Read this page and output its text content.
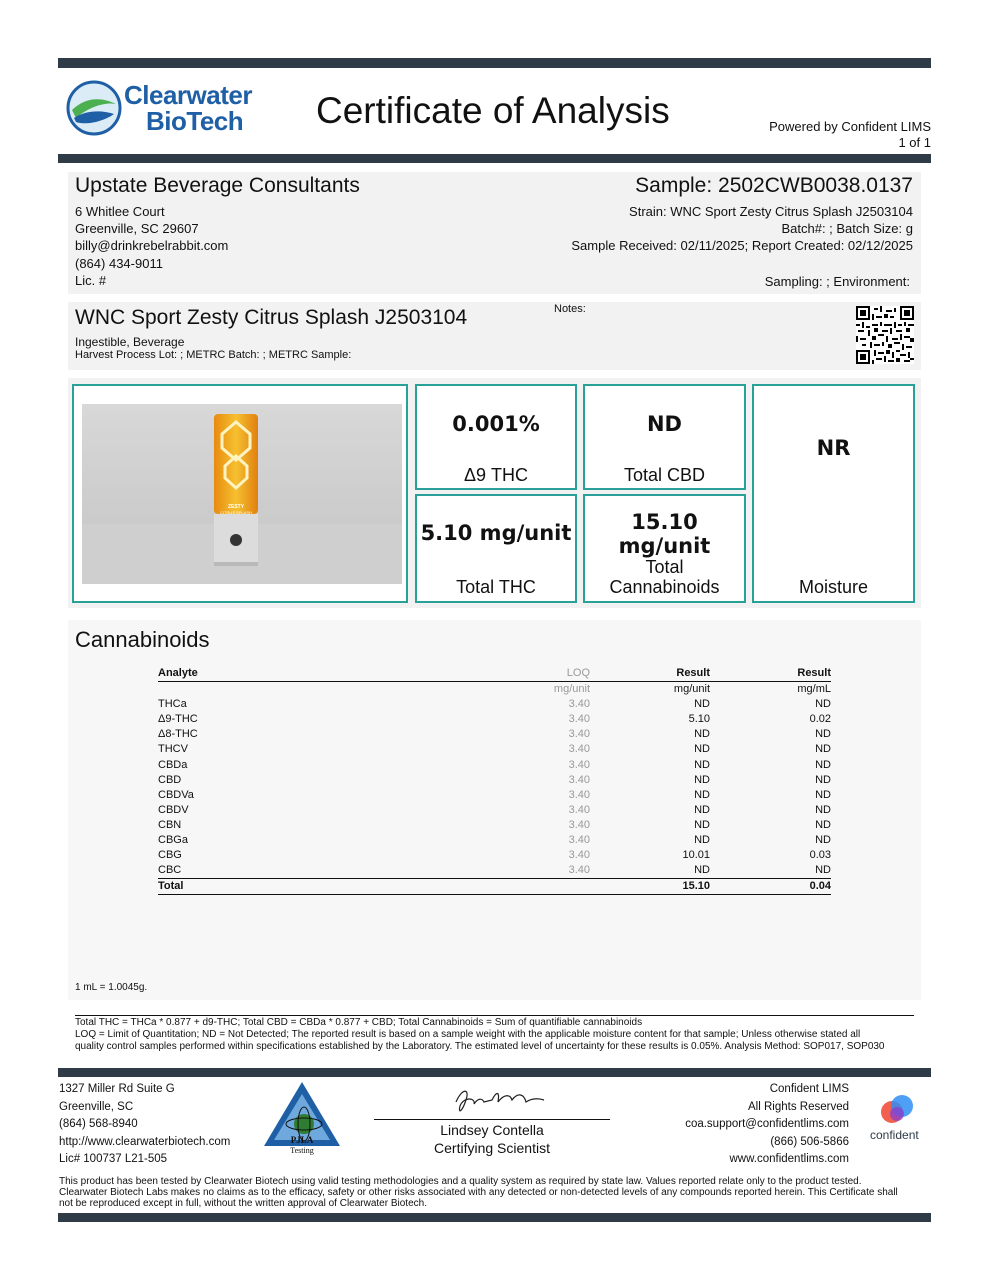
Clearwater
BioTech Certificate of Analysis	Powered by Confident LIMS
1 of 1
Upstate Beverage Consultants
6 Whitlee Court
Greenville, SC 29607
billy@drinkrebelrabbit.com
(864) 434-9011
Lic. #
Sample: 2502CWB0038.0137
Strain: WNC Sport Zesty Citrus Splash J2503104
Batch#: ; Batch Size: g
Sample Received: 02/11/2025; Report Created: 02/12/2025
Sampling: ; Environment:
WNC Sport Zesty Citrus Splash J2503104
Ingestible, Beverage
Harvest Process Lot: ; METRC Batch: ; METRC Sample:
Notes:
ZESTY
CITRUS SPLASH
0.001%
Δ9 THC
ND
Total CBD
NR
Moisture
5.10 mg/unit
Total THC
15.10 mg/unit
Total
Cannabinoids
Cannabinoids
Analyte	LOQ	Result	Result
	mg/unit	mg/unit	mg/mL
THCa	3.40	ND	ND
Δ9-THC	3.40	5.10	0.02
Δ8-THC	3.40	ND	ND
THCV	3.40	ND	ND
CBDa	3.40	ND	ND
CBD	3.40	ND	ND
CBDVa	3.40	ND	ND
CBDV	3.40	ND	ND
CBN	3.40	ND	ND
CBGa	3.40	ND	ND
CBG	3.40	10.01	0.03
CBC	3.40	ND	ND
Total		15.10	0.04
1 mL = 1.0045g.
Total THC = THCa * 0.877 + d9-THC; Total CBD = CBDa * 0.877 + CBD; Total Cannabinoids = Sum of quantifiable cannabinoids
LOQ = Limit of Quantitation; ND = Not Detected; The reported result is based on a sample weight with the applicable moisture content for that sample; Unless otherwise stated all
quality control samples performed within specifications established by the Laboratory. The estimated level of uncertainty for these results is 0.05%. Analysis Method: SOP017, SOP030
1327 Miller Rd Suite G
Greenville, SC
(864) 568-8940
http://www.clearwaterbiotech.com
Lic# 100737 L21-505
PJLA
Testing
Lindsey Contella
Certifying Scientist
Confident LIMS
All Rights Reserved
coa.support@confidentlims.com
(866) 506-5866
www.confidentlims.com
confident
This product has been tested by Clearwater Biotech using valid testing methodologies and a quality system as required by state law. Values reported relate only to the product tested.
Clearwater Biotech Labs makes no claims as to the efficacy, safety or other risks associated with any detected or non-detected levels of any compounds reported herein. This Certificate shall
not be reproduced except in full, without the written approval of Clearwater Biotech.
